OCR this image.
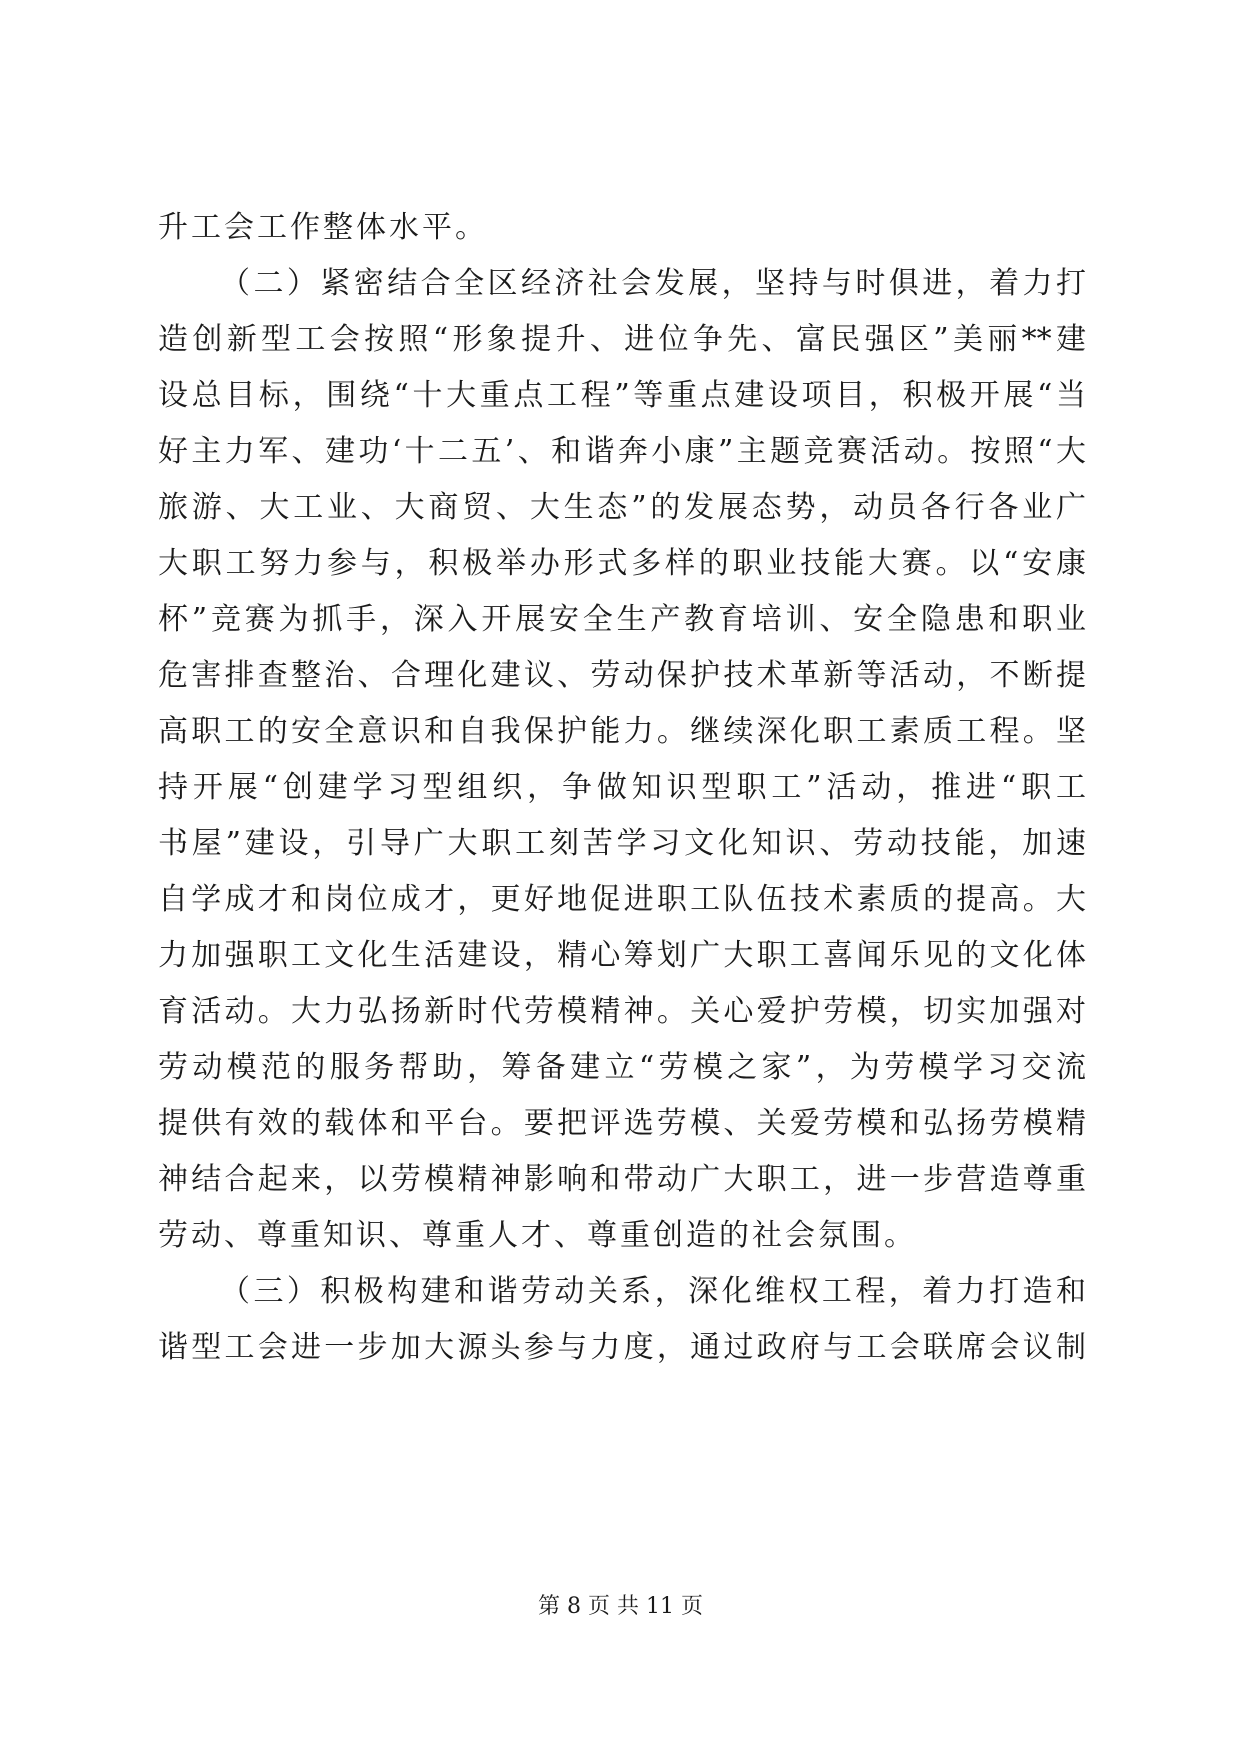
升工会工作整体水平。
（二）紧密结合全区经济社会发展，坚持与时俱进，着力打
造创新型工会按照“形象提升、进位争先、富民强区”美丽**建
设总目标，围绕“十大重点工程”等重点建设项目，积极开展“当
好主力军、建功‘十二五’、和谐奔小康”主题竞赛活动。按照“大
旅游、大工业、大商贸、大生态”的发展态势，动员各行各业广
大职工努力参与，积极举办形式多样的职业技能大赛。以“安康
杯”竞赛为抓手，深入开展安全生产教育培训、安全隐患和职业
危害排查整治、合理化建议、劳动保护技术革新等活动，不断提
高职工的安全意识和自我保护能力。继续深化职工素质工程。坚
持开展“创建学习型组织，争做知识型职工”活动，推进“职工
书屋”建设，引导广大职工刻苦学习文化知识、劳动技能，加速
自学成才和岗位成才，更好地促进职工队伍技术素质的提高。大
力加强职工文化生活建设，精心筹划广大职工喜闻乐见的文化体
育活动。大力弘扬新时代劳模精神。关心爱护劳模，切实加强对
劳动模范的服务帮助，筹备建立“劳模之家”，为劳模学习交流
提供有效的载体和平台。要把评选劳模、关爱劳模和弘扬劳模精
神结合起来，以劳模精神影响和带动广大职工，进一步营造尊重
劳动、尊重知识、尊重人才、尊重创造的社会氛围。
（三）积极构建和谐劳动关系，深化维权工程，着力打造和
谐型工会进一步加大源头参与力度，通过政府与工会联席会议制
第 8 页 共 11 页
